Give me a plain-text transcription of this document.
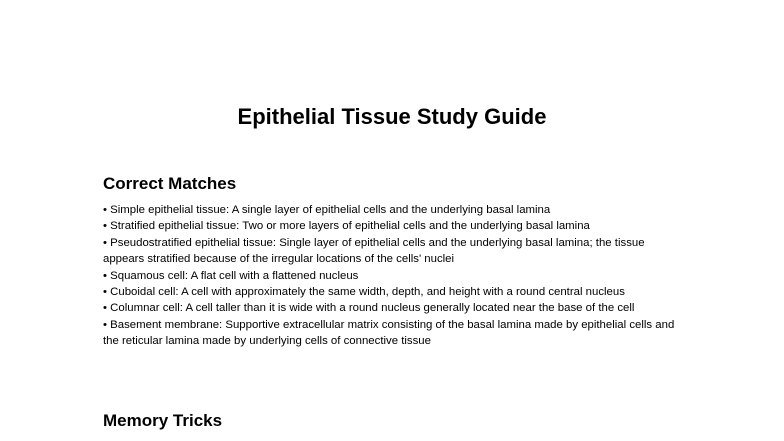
Epithelial Tissue Study Guide
Correct Matches
• Simple epithelial tissue: A single layer of epithelial cells and the underlying basal lamina
• Stratified epithelial tissue: Two or more layers of epithelial cells and the underlying basal lamina
• Pseudostratified epithelial tissue: Single layer of epithelial cells and the underlying basal lamina; the tissue appears stratified because of the irregular locations of the cells' nuclei
• Squamous cell: A flat cell with a flattened nucleus
• Cuboidal cell: A cell with approximately the same width, depth, and height with a round central nucleus
• Columnar cell: A cell taller than it is wide with a round nucleus generally located near the base of the cell
• Basement membrane: Supportive extracellular matrix consisting of the basal lamina made by epithelial cells and the reticular lamina made by underlying cells of connective tissue
Memory Tricks
